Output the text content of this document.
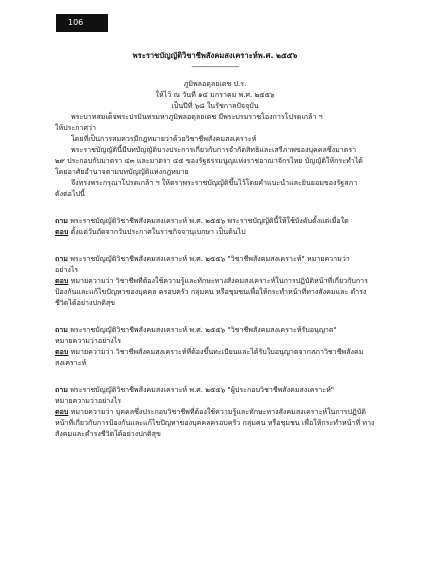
106

พระราชบัญญัติวิชาชีพสังคมสงเคราะห์พ.ศ. ๒๕๕๖

-----------------------

ภูมิพลอดุลยเดช ป.ร.

ให้ไว้ ณ วันที่ ๑๔ มกราคม พ.ศ. ๒๕๕๖

เป็นปีที่ ๖๘ ในรัชกาลปัจจุบัน

พระบาทสมเด็จพระปรมินทรมหาภูมิพลอดุลยเดช มีพระบรมราชโองการโปรดเกล้า ฯ

ให้ประกาศว่า

โดยที่เป็นการสมควรมีกฎหมายว่าด้วยวิชาชีพสังคมสงเคราะห์

พระราชบัญญัตินี้มีบทบัญญัติบางประการเกี่ยวกับการจำกัดสิทธิและเสรีภาพของบุคคลซึ่งมาตรา

๒๙ ประกอบกับมาตรา ๔๓ และมาตรา ๔๕ ของรัฐธรรมนูญแห่งราชอาณาจักรไทย บัญญัติให้กระทำได้

โดยอาศัยอำนาจตามบทบัญญัติแห่งกฎหมาย

จึงทรงพระกรุณาโปรดเกล้า ฯ ให้ตราพระราชบัญญัติขึ้นไว้โดยคำแนะนำและยินยอมของรัฐสภา

ดังต่อไปนี้

ถาม พระราชบัญญัติวิชาชีพสังคมสงเคราะห์ พ.ศ. ๒๕๕๖ พระราชบัญญัตินี้ให้ใช้บังคับตั้งแต่เมื่อใด

ตอบ ตั้งแต่วันถัดจากวันประกาศในราชกิจจานุเบกษา เป็นต้นไป

ถาม พระราชบัญญัติวิชาชีพสังคมสงเคราะห์ พ.ศ. ๒๕๕๖ "วิชาชีพสังคมสงเคราะห์" หมายความว่า

อย่างไร

ตอบ หมายความว่า วิชาชีพที่ต้องใช้ความรู้และทักษะทางสังคมสงเคราะห์ในการปฏิบัติหน้าที่เกี่ยวกับการ

ป้องกันและแก้ไขปัญหาของบุคคล ครอบครัว กลุ่มคน หรือชุมชนเพื่อให้กระทำหน้าที่ทางสังคมและ ดำรงชีวิตได้อย่างปกติสุข

ถาม พระราชบัญญัติวิชาชีพสังคมสงเคราะห์ พ.ศ. ๒๕๕๖ "วิชาชีพสังคมสงเคราะห์รับอนุญาต"

หมายความว่าอย่างไร

ตอบ หมายความว่า วิชาชีพสังคมสงเคราะห์ที่ต้องขึ้นทะเบียนและได้รับใบอนุญาตจากสภาวิชาชีพสังคม

สงเคราะห์

ถาม พระราชบัญญัติวิชาชีพสังคมสงเคราะห์ พ.ศ. ๒๕๕๖ "ผู้ประกอบวิชาชีพสังคมสงเคราะห์"

หมายความว่าอย่างไร

ตอบ หมายความว่า บุคคลซึ่งประกอบวิชาชีพที่ต้องใช้ความรู้และทักษะทางสังคมสงเคราะห์ในการปฏิบัติ

หน้าที่เกี่ยวกับการป้องกันและแก้ไขปัญหาของบุคคลครอบครัว กลุ่มคน หรือชุมชน เพื่อให้กระทำหน้าที่ ทางสังคมและดำรงชีวิตได้อย่างปกติสุข
